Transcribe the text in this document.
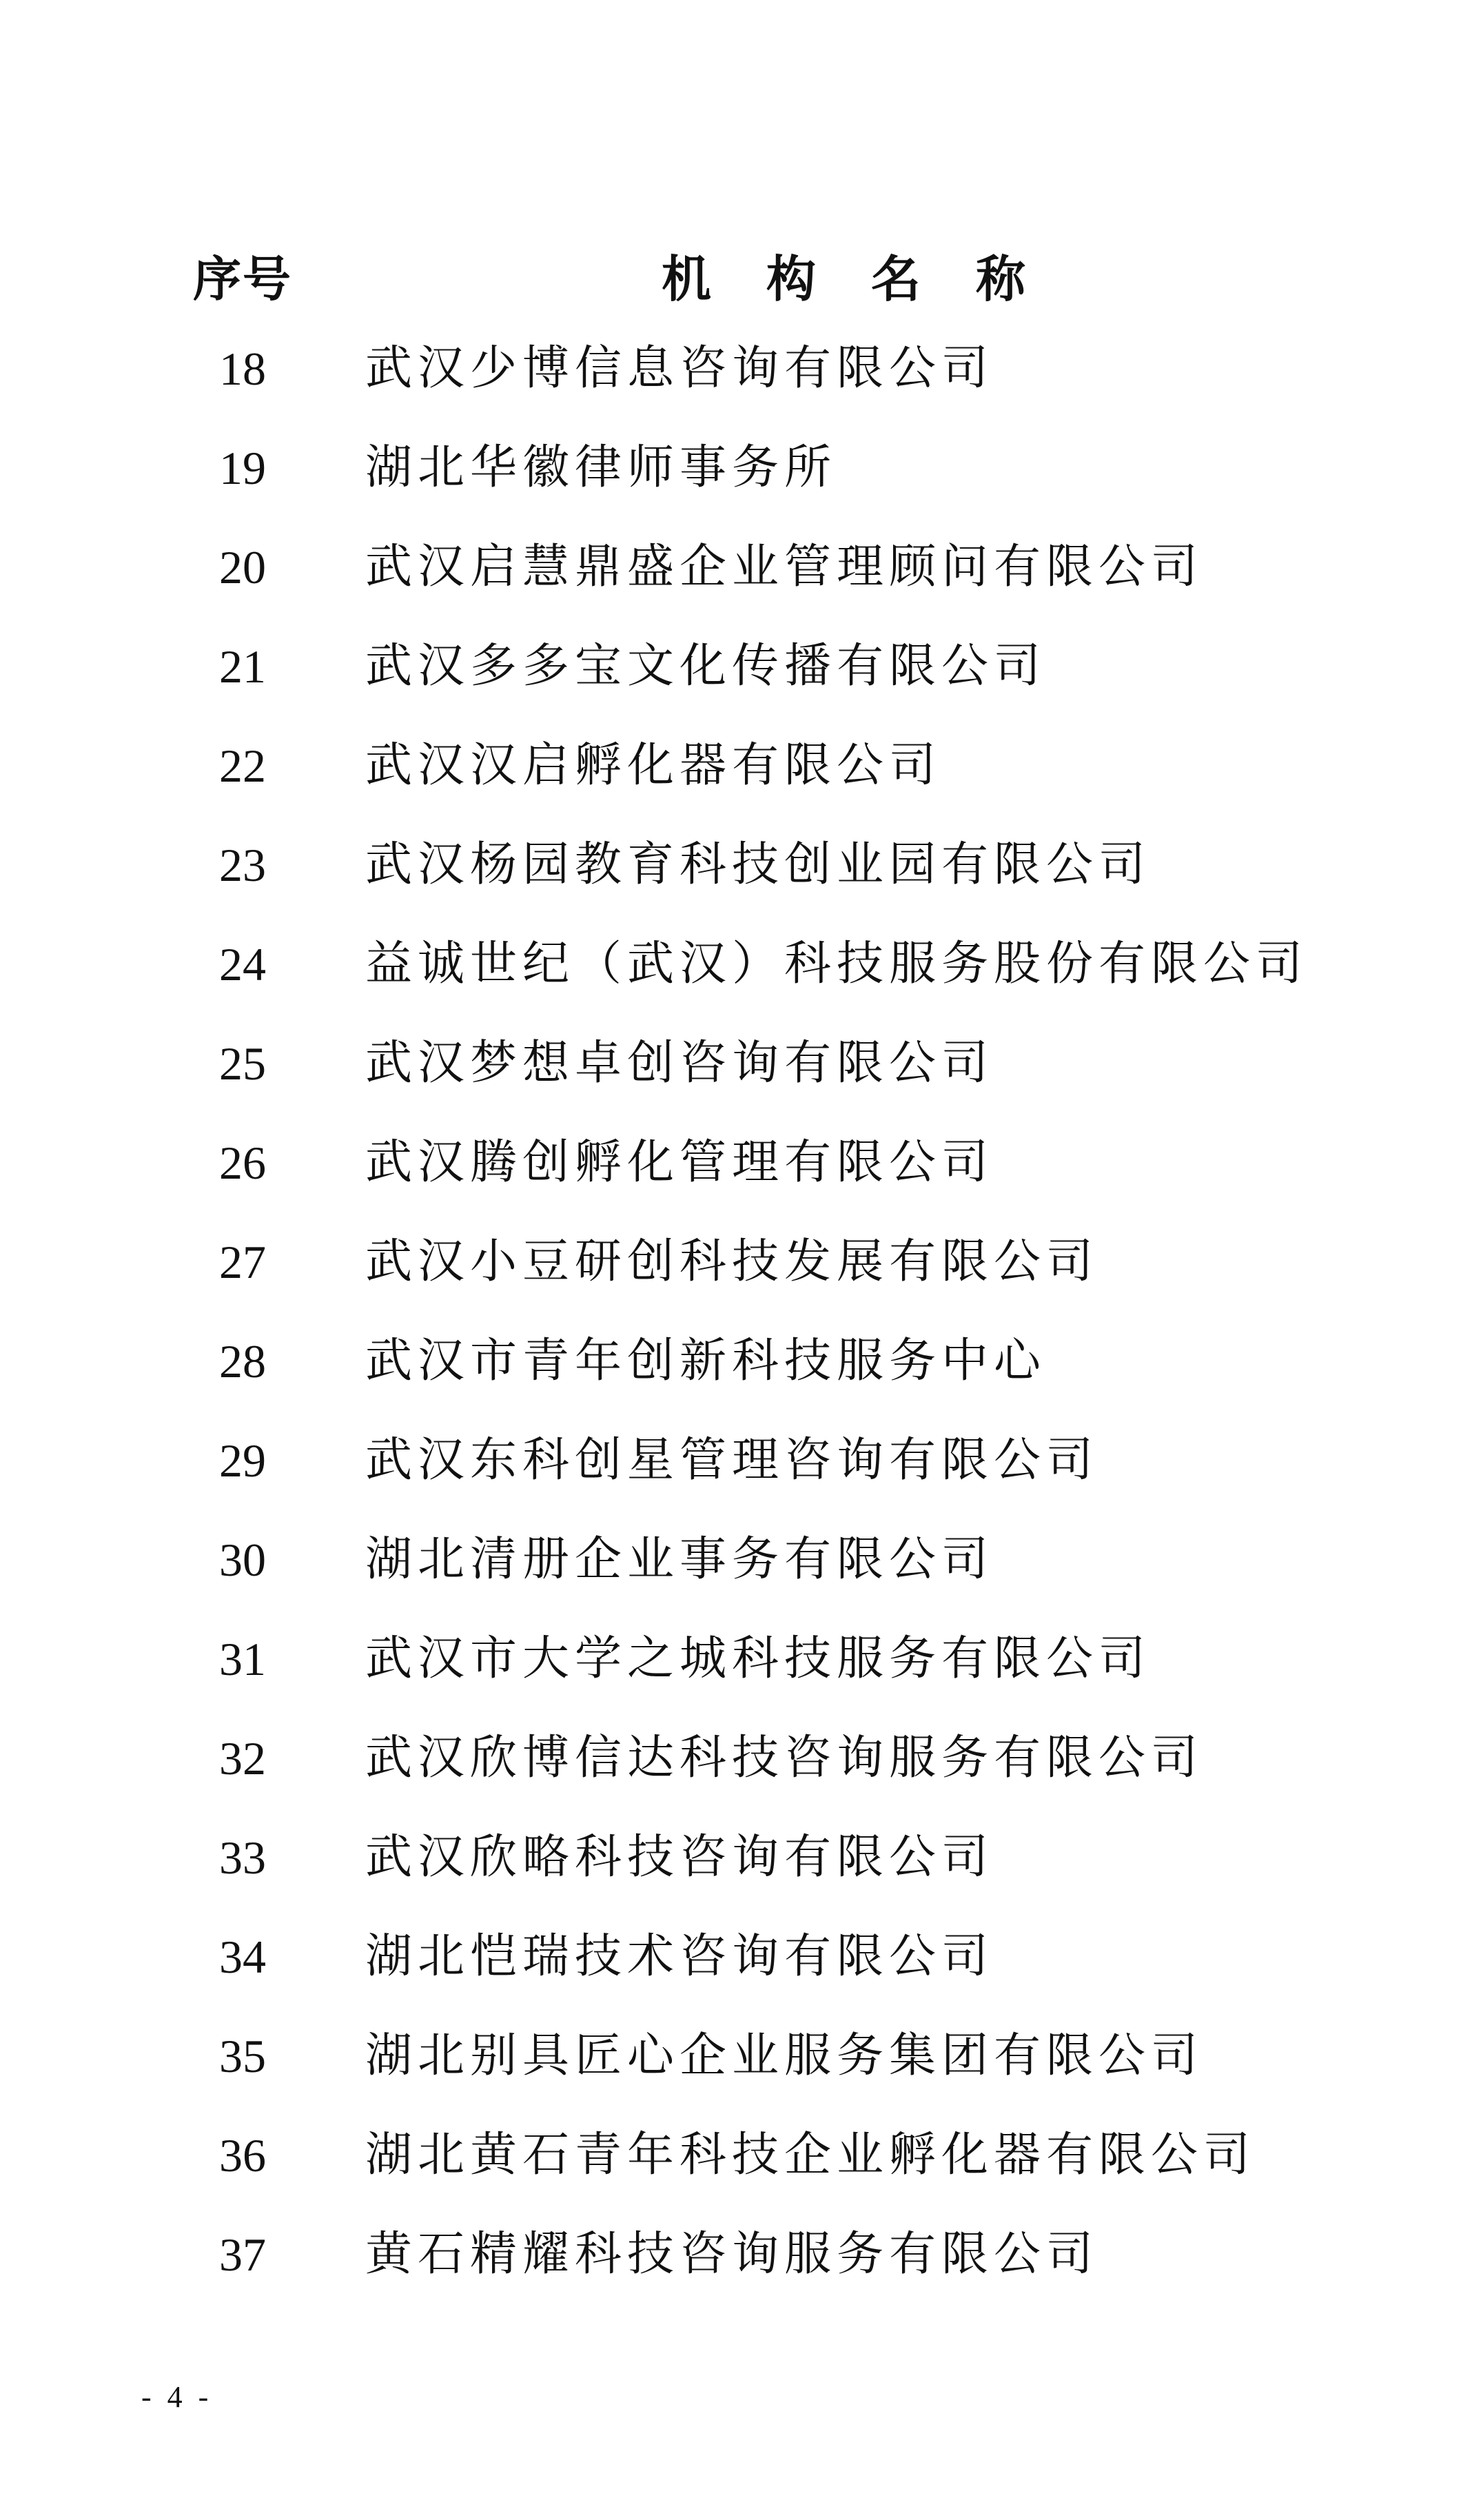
序号	机构名称
18	武汉少博信息咨询有限公司
19	湖北华徽律师事务所
20	武汉启慧鼎盛企业管理顾问有限公司
21	武汉多多宝文化传播有限公司
22	武汉汉启孵化器有限公司
23	武汉杨园教育科技创业园有限公司
24	益诚世纪（武汉）科技服务股份有限公司
25	武汉梦想卓创咨询有限公司
26	武汉腾创孵化管理有限公司
27	武汉小豆研创科技发展有限公司
28	武汉市青年创新科技服务中心
29	武汉东科创星管理咨询有限公司
30	湖北清册企业事务有限公司
31	武汉市大学之城科技服务有限公司
32	武汉欣博信达科技咨询服务有限公司
33	武汉欣略科技咨询有限公司
34	湖北恺瑞技术咨询有限公司
35	湖北别具匠心企业服务集团有限公司
36	湖北黄石青年科技企业孵化器有限公司
37	黄石精耀科技咨询服务有限公司
- 4 -
